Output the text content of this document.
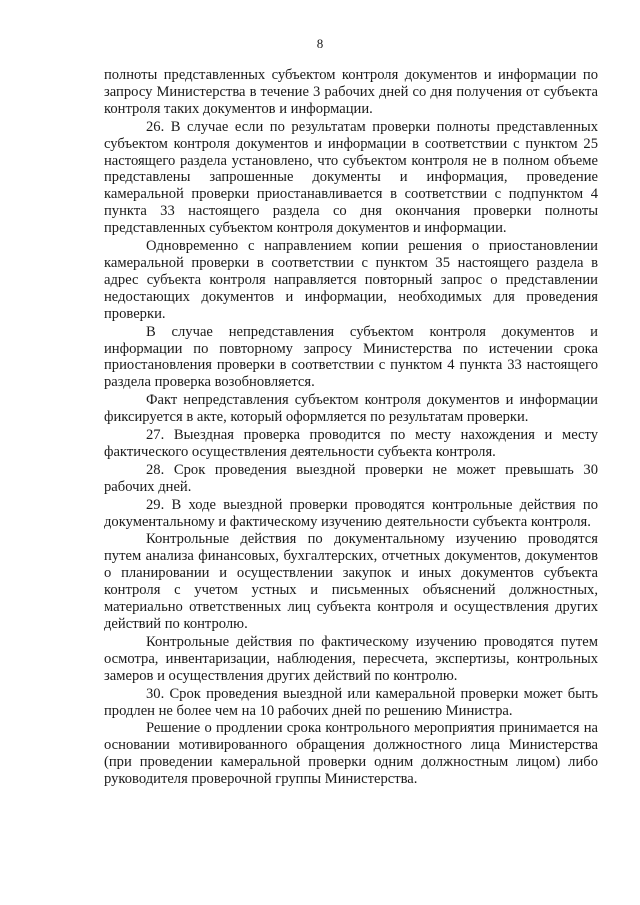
8

полноты представленных субъектом контроля документов и информации по запросу Министерства в течение 3 рабочих дней со дня получения от субъекта контроля таких документов и информации.

26. В случае если по результатам проверки полноты представленных субъектом контроля документов и информации в соответствии с пунктом 25 настоящего раздела установлено, что субъектом контроля не в полном объеме представлены запрошенные документы и информация, проведение камеральной проверки приостанавливается в соответствии с подпунктом 4 пункта 33 настоящего раздела со дня окончания проверки полноты представленных субъектом контроля документов и информации.

Одновременно с направлением копии решения о приостановлении камеральной проверки в соответствии с пунктом 35 настоящего раздела в адрес субъекта контроля направляется повторный запрос о представлении недостающих документов и информации, необходимых для проведения проверки.

В случае непредставления субъектом контроля документов и информации по повторному запросу Министерства по истечении срока приостановления проверки в соответствии с пунктом 4 пункта 33 настоящего раздела проверка возобновляется.

Факт непредставления субъектом контроля документов и информации фиксируется в акте, который оформляется по результатам проверки.

27. Выездная проверка проводится по месту нахождения и месту фактического осуществления деятельности субъекта контроля.

28. Срок проведения выездной проверки не может превышать 30 рабочих дней.

29. В ходе выездной проверки проводятся контрольные действия по документальному и фактическому изучению деятельности субъекта контроля.

Контрольные действия по документальному изучению проводятся путем анализа финансовых, бухгалтерских, отчетных документов, документов о планировании и осуществлении закупок и иных документов субъекта контроля с учетом устных и письменных объяснений должностных, материально ответственных лиц субъекта контроля и осуществления других действий по контролю.

Контрольные действия по фактическому изучению проводятся путем осмотра, инвентаризации, наблюдения, пересчета, экспертизы, контрольных замеров и осуществления других действий по контролю.

30. Срок проведения выездной или камеральной проверки может быть продлен не более чем на 10 рабочих дней по решению Министра.

Решение о продлении срока контрольного мероприятия принимается на основании мотивированного обращения должностного лица Министерства (при проведении камеральной проверки одним должностным лицом) либо руководителя проверочной группы Министерства.
